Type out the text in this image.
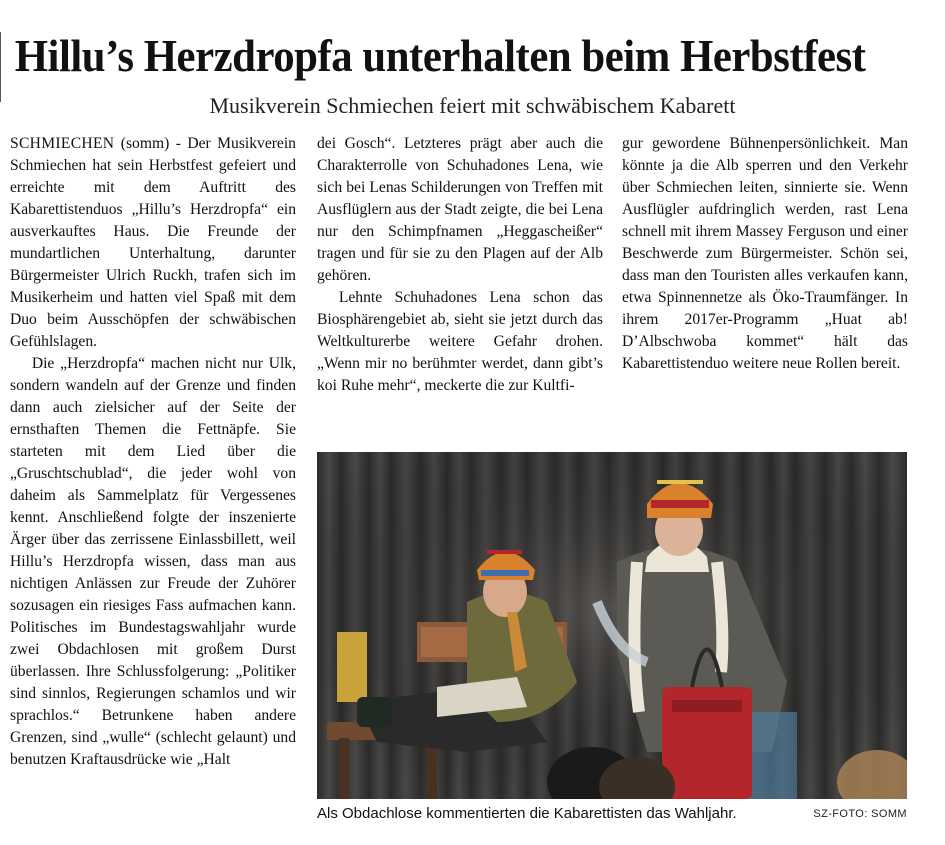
Hillu’s Herzdropfa unterhalten beim Herbstfest
Musikverein Schmiechen feiert mit schwäbischem Kabarett

SCHMIECHEN (somm) - Der Musikverein Schmiechen hat sein Herbstfest gefeiert und erreichte mit dem Auftritt des Kabarettistenduos „Hillu’s Herzdropfa“ ein ausverkauftes Haus. Die Freunde der mundartlichen Unterhaltung, darunter Bürgermeister Ulrich Ruckh, trafen sich im Musikerheim und hatten viel Spaß mit dem Duo beim Ausschöpfen der schwäbischen Gefühlslagen.

Die „Herzdropfa“ machen nicht nur Ulk, sondern wandeln auf der Grenze und finden dann auch zielsicher auf der Seite der ernsthaften Themen die Fettnäpfe. Sie starteten mit dem Lied über die „Gruschtschublad“, die jeder wohl von daheim als Sammelplatz für Vergessenes kennt. Anschließend folgte der inszenierte Ärger über das zerrissene Einlassbillett, weil Hillu’s Herzdropfa wissen, dass man aus nichtigen Anlässen zur Freude der Zuhörer sozusagen ein riesiges Fass aufmachen kann. Politisches im Bundestagswahljahr wurde zwei Obdachlosen mit großem Durst überlassen. Ihre Schlussfolgerung: „Politiker sind sinnlos, Regierungen schamlos und wir sprachlos.“ Betrunkene haben andere Grenzen, sind „wulle“ (schlecht gelaunt) und benutzen Kraftausdrücke wie „Halt

dei Gosch“. Letzteres prägt aber auch die Charakterrolle von Schuhadones Lena, wie sich bei Lenas Schilderungen von Treffen mit Ausflüglern aus der Stadt zeigte, die bei Lena nur den Schimpfnamen „Heggascheißer“ tragen und für sie zu den Plagen auf der Alb gehören.

Lehnte Schuhadones Lena schon das Biosphärengebiet ab, sieht sie jetzt durch das Weltkulturerbe weitere Gefahr drohen. „Wenn mir no berühmter werdet, dann gibt’s koi Ruhe mehr“, meckerte die zur Kultfi-

gur gewordene Bühnenpersönlichkeit. Man könnte ja die Alb sperren und den Verkehr über Schmiechen leiten, sinnierte sie. Wenn Ausflügler aufdringlich werden, rast Lena schnell mit ihrem Massey Ferguson und einer Beschwerde zum Bürgermeister. Schön sei, dass man den Touristen alles verkaufen kann, etwa Spinnennetze als Öko-Traumfänger. In ihrem 2017er-Programm „Huat ab! D’Albschwoba kommet“ hält das Kabarettistenduo weitere neue Rollen bereit.

Als Obdachlose kommentierten die Kabarettisten das Wahljahr.	SZ-FOTO: SOMM
